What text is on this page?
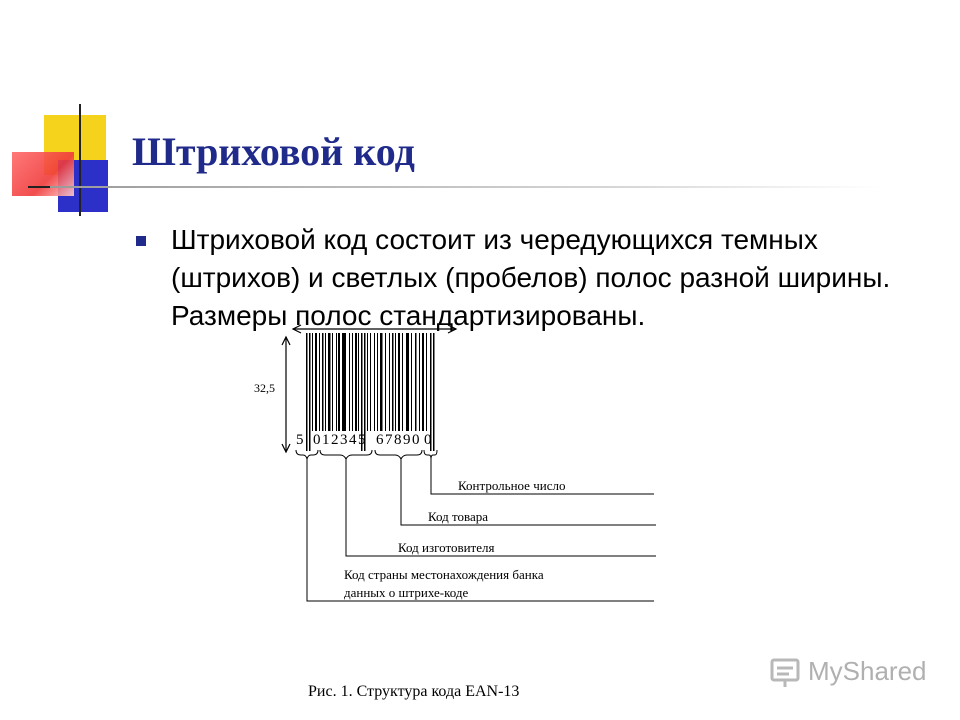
Штриховой код
Штриховой код состоит из чередующихся темных
(штрихов) и светлых (пробелов) полос разной ширины.
Размеры полос стандартизированы.
32,5
5 0 1 2 3 4 5 6 7 8 9 0 0
Контрольное число
Код товара
Код изготовителя
Код страны местонахождения банка
данных о штрихе-коде
Рис. 1. Структура кода EAN-13
MyShared
